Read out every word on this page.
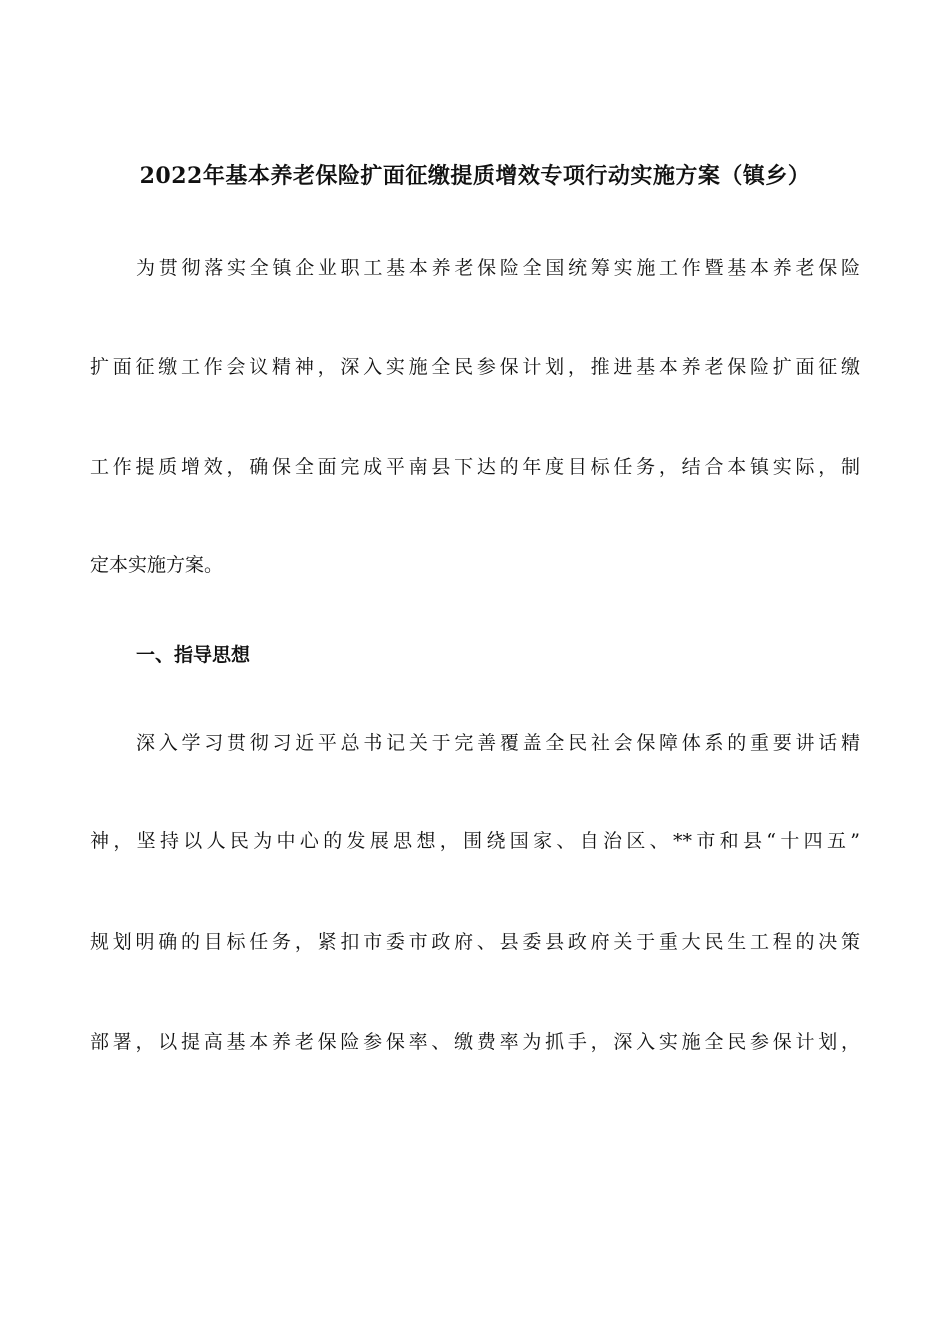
2022年基本养老保险扩面征缴提质增效专项行动实施方案（镇乡）
为贯彻落实全镇企业职工基本养老保险全国统筹实施工作暨基本养老保险
扩面征缴工作会议精神，深入实施全民参保计划，推进基本养老保险扩面征缴
工作提质增效，确保全面完成平南县下达的年度目标任务，结合本镇实际，制
定本实施方案。
一、指导思想
深入学习贯彻习近平总书记关于完善覆盖全民社会保障体系的重要讲话精
神，坚持以人民为中心的发展思想，围绕国家、自治区、**市和县“十四五”
规划明确的目标任务，紧扣市委市政府、县委县政府关于重大民生工程的决策
部署，以提高基本养老保险参保率、缴费率为抓手，深入实施全民参保计划，
